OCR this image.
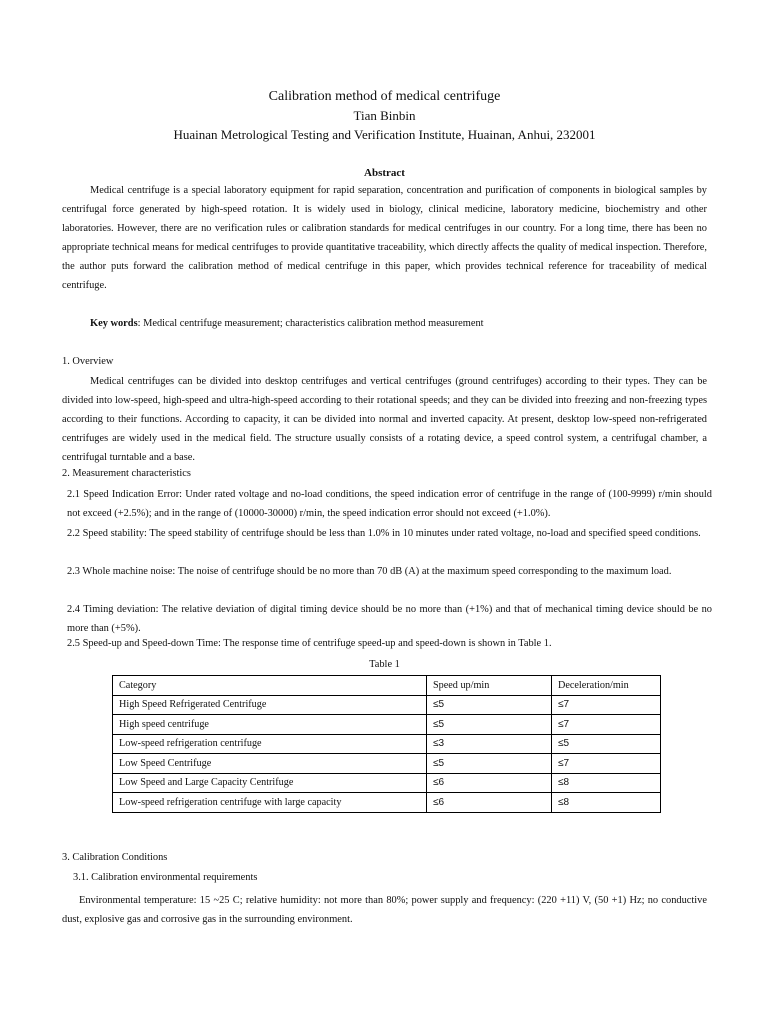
Calibration method of medical centrifuge
Tian Binbin
Huainan Metrological Testing and Verification Institute, Huainan, Anhui, 232001
Abstract
Medical centrifuge is a special laboratory equipment for rapid separation, concentration and purification of components in biological samples by centrifugal force generated by high-speed rotation. It is widely used in biology, clinical medicine, laboratory medicine, biochemistry and other laboratories. However, there are no verification rules or calibration standards for medical centrifuges in our country. For a long time, there has been no appropriate technical means for medical centrifuges to provide quantitative traceability, which directly affects the quality of medical inspection. Therefore, the author puts forward the calibration method of medical centrifuge in this paper, which provides technical reference for traceability of medical centrifuge.
Key words: Medical centrifuge measurement; characteristics calibration method measurement
1. Overview
Medical centrifuges can be divided into desktop centrifuges and vertical centrifuges (ground centrifuges) according to their types. They can be divided into low-speed, high-speed and ultra-high-speed according to their rotational speeds; and they can be divided into freezing and non-freezing types according to their functions. According to capacity, it can be divided into normal and inverted capacity. At present, desktop low-speed non-refrigerated centrifuges are widely used in the medical field. The structure usually consists of a rotating device, a speed control system, a centrifugal chamber, a centrifugal turntable and a base.
2. Measurement characteristics
2.1 Speed Indication Error: Under rated voltage and no-load conditions, the speed indication error of centrifuge in the range of (100-9999) r/min should not exceed (+2.5%); and in the range of (10000-30000) r/min, the speed indication error should not exceed (+1.0%).
2.2 Speed stability: The speed stability of centrifuge should be less than 1.0% in 10 minutes under rated voltage, no-load and specified speed conditions.
2.3 Whole machine noise: The noise of centrifuge should be no more than 70 dB (A) at the maximum speed corresponding to the maximum load.
2.4 Timing deviation: The relative deviation of digital timing device should be no more than (+1%) and that of mechanical timing device should be no more than (+5%).
2.5 Speed-up and Speed-down Time: The response time of centrifuge speed-up and speed-down is shown in Table 1.
Table 1
Category	Speed up/min	Deceleration/min
High Speed Refrigerated Centrifuge	≤5	≤7
High speed centrifuge	≤5	≤7
Low-speed refrigeration centrifuge	≤3	≤5
Low Speed Centrifuge	≤5	≤7
Low Speed and Large Capacity Centrifuge	≤6	≤8
Low-speed refrigeration centrifuge with large capacity	≤6	≤8
3. Calibration Conditions
3.1. Calibration environmental requirements
Environmental temperature: 15 ~25 C; relative humidity: not more than 80%; power supply and frequency: (220 +11) V, (50 +1) Hz; no conductive dust, explosive gas and corrosive gas in the surrounding environment.
